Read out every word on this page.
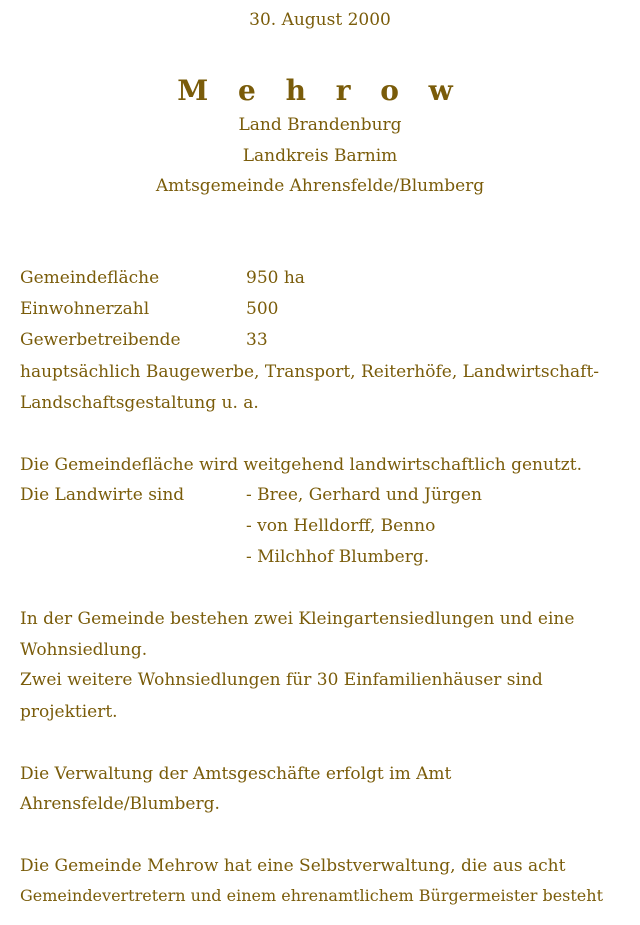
30. August 2000
M e h r o w
Land Brandenburg
Landkreis Barnim
Amtsgemeinde Ahrensfelde/Blumberg
Gemeindefläche	950 ha
Einwohnerzahl	500
Gewerbetreibende	33
hauptsächlich Baugewerbe, Transport, Reiterhöfe, Landwirtschaft-
Landschaftsgestaltung u. a.
Die Gemeindefläche wird weitgehend landwirtschaftlich genutzt.
Die Landwirte sind	- Bree, Gerhard und Jürgen
- von Helldorff, Benno
- Milchhof Blumberg.
In der Gemeinde bestehen zwei Kleingartensiedlungen und eine
Wohnsiedlung.
Zwei weitere Wohnsiedlungen für 30 Einfamilienhäuser sind
projektiert.
Die Verwaltung der Amtsgeschäfte erfolgt im Amt
Ahrensfelde/Blumberg.
Die Gemeinde Mehrow hat eine Selbstverwaltung, die aus acht
Gemeindevertretern und einem ehrenamtlichem Bürgermeister besteht
